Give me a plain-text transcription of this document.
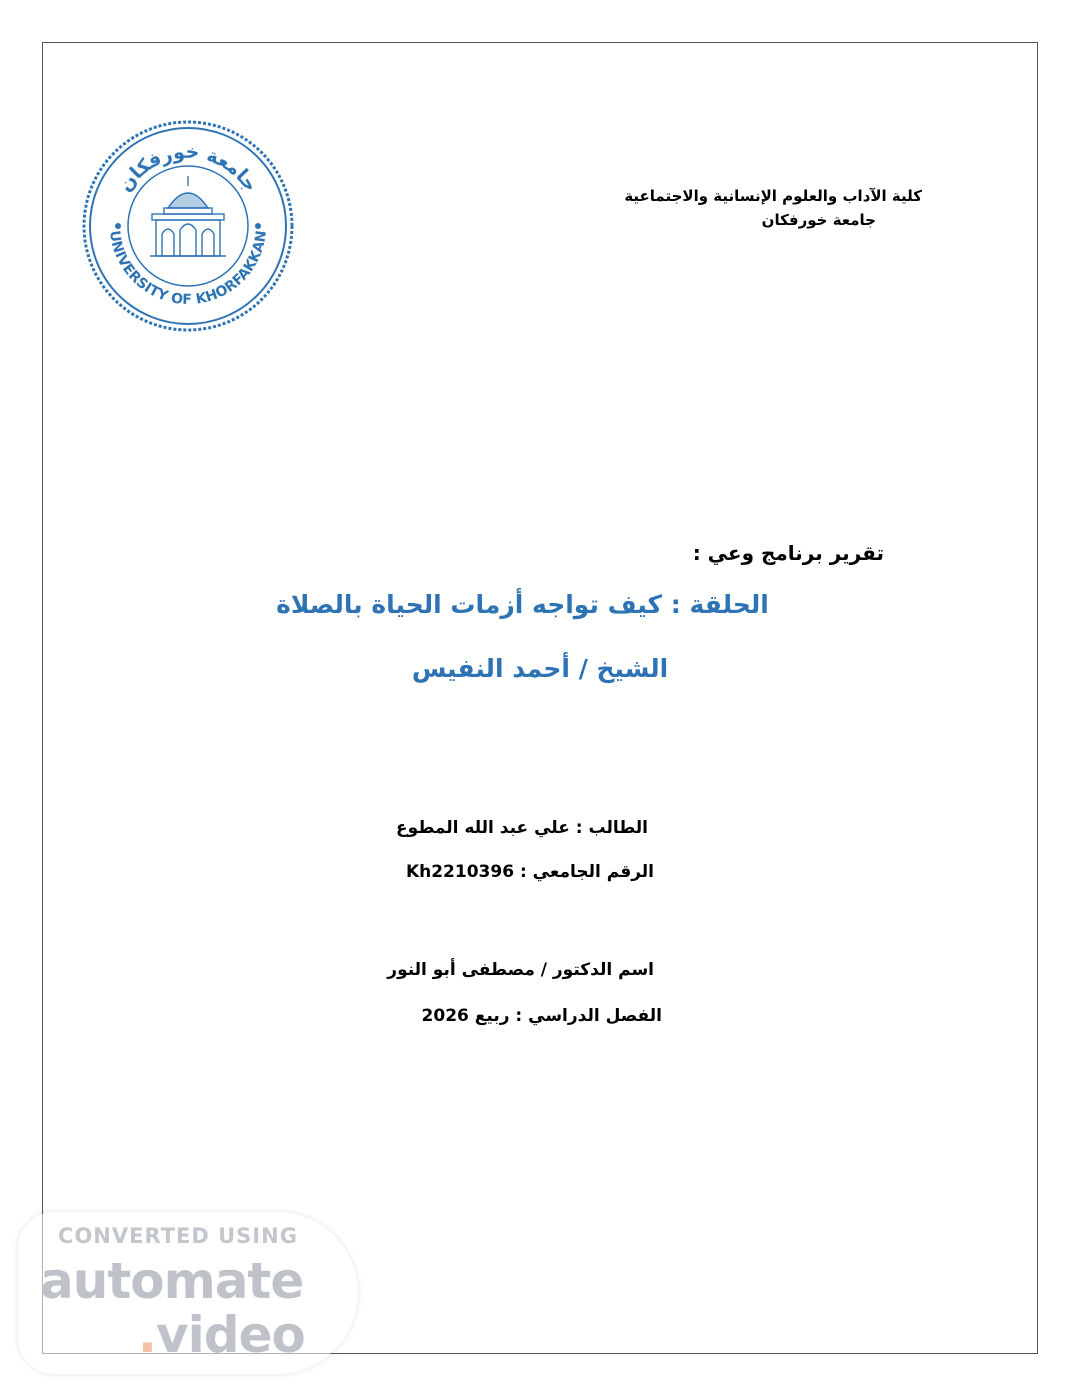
جامعة خورفكان
UNIVERSITY OF KHORFAKKAN
كلية الآداب والعلوم الإنسانية والاجتماعية
جامعة خورفكان
تقرير برنامج وعي :
الحلقة : كيف تواجه أزمات الحياة بالصلاة
الشيخ / أحمد النفيس
الطالب : علي عبد الله المطوع
الرقم الجامعي : Kh2210396
اسم الدكتور / مصطفى أبو النور
الفصل الدراسي : ربيع 2026
CONVERTED USING
automate
.video
